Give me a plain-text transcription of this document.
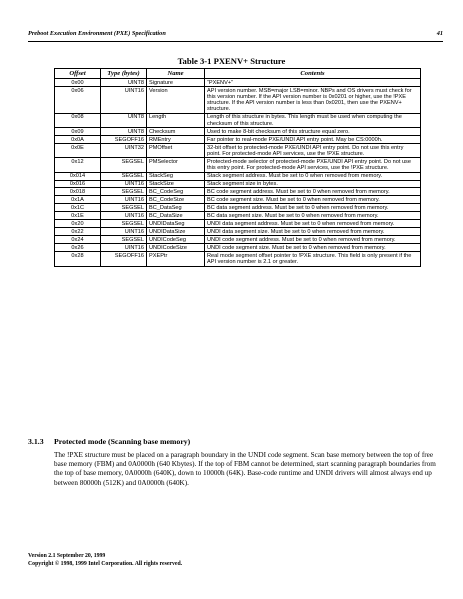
Preboot Execution Environment (PXE) Specification	41
Table 3-1 PXENV+ Structure
Offset	Type (bytes)	Name	Contents
0x00	UINT8	Signature	“PXENV+”
0x06	UINT16	Version	API version number. MSB=major LSB=minor. NBPs and OS drivers must check for this version number. If the API version number is 0x0201 or higher, use the !PXE structure. If the API version number is less than 0x0201, then use the PXENV+ structure.
0x08	UINT8	Length	Length of this structure in bytes. This length must be used when computing the checksum of this structure.
0x09	UINT8	Checksum	Used to make 8-bit checksum of this structure equal zero.
0x0A	SEGOFF16	RMEntry	Far pointer to real-mode PXE/UNDI API entry point. May be CS:0000h.
0x0E	UINT32	PMOffset	32-bit offset to protected-mode PXE/UNDI API entry point. Do not use this entry point. For protected-mode API services, use the !PXE structure.
0x12	SEGSEL	PMSelector	Protected-mode selector of protected-mode PXE/UNDI API entry point. Do not use this entry point. For protected-mode API services, use the !PXE structure.
0x014	SEGSEL	StackSeg	Stack segment address. Must be set to 0 when removed from memory.
0x016	UINT16	StackSize	Stack segment size in bytes.
0x018	SEGSEL	BC_CodeSeg	BC code segment address. Must be set to 0 when removed from memory.
0x1A	UINT16	BC_CodeSize	BC code segment size. Must be set to 0 when removed from memory.
0x1C	SEGSEL	BC_DataSeg	BC data segment address. Must be set to 0 when removed from memory.
0x1E	UINT16	BC_DataSize	BC data segment size. Must be set to 0 when removed from memory.
0x20	SEGSEL	UNDIDataSeg	UNDI data segment address. Must be set to 0 when removed from memory.
0x22	UINT16	UNDIDataSize	UNDI data segment size. Must be set to 0 when removed from memory.
0x24	SEGSEL	UNDICodeSeg	UNDI code segment address. Must be set to 0 when removed from memory.
0x26	UINT16	UNDICodeSize	UNDI code segment size. Must be set to 0 when removed from memory.
0x28	SEGOFF16	PXEPtr	Real mode segment offset pointer to !PXE structure. This field is only present if the API version number is 2.1 or greater.
3.1.3 Protected mode (Scanning base memory)
The !PXE structure must be placed on a paragraph boundary in the UNDI code segment. Scan base memory between the top of free base memory (FBM) and 0A0000h (640 Kbytes). If the top of FBM cannot be determined, start scanning paragraph boundaries from the top of base memory, 0A0000h (640K), down to 10000h (64K). Base-code runtime and UNDI drivers will almost always end up between 80000h (512K) and 0A0000h (640K).
Version 2.1 September 20, 1999
Copyright © 1998, 1999 Intel Corporation. All rights reserved.
